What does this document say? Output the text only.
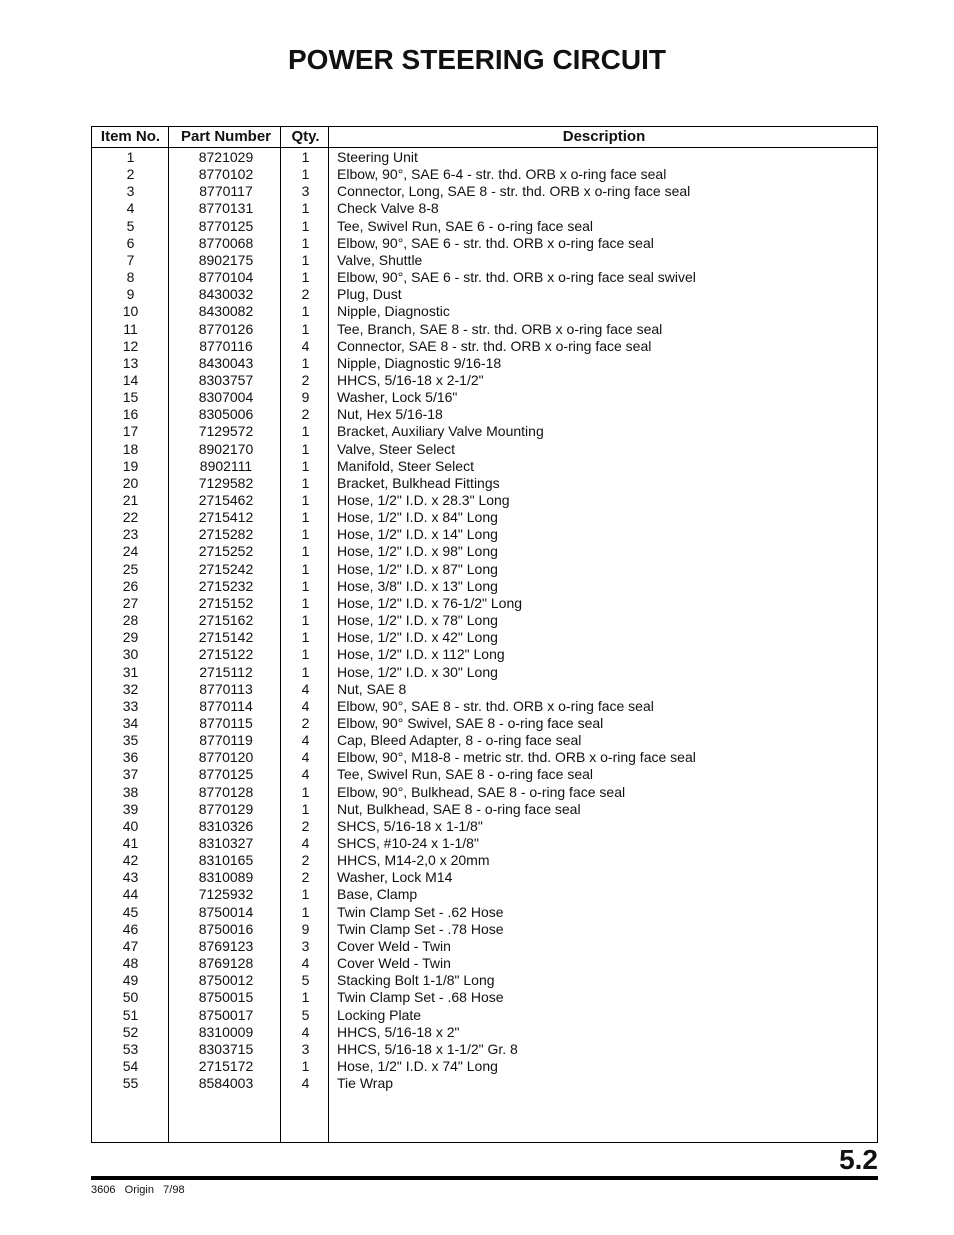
POWER STEERING CIRCUIT
Item No.	Part Number	Qty.	Description
1	8721029	1	Steering Unit
2	8770102	1	Elbow, 90°, SAE 6-4 - str. thd. ORB x o-ring face seal
3	8770117	3	Connector, Long, SAE 8 - str. thd. ORB x o-ring face seal
4	8770131	1	Check Valve 8-8
5	8770125	1	Tee, Swivel Run, SAE 6 - o-ring face seal
6	8770068	1	Elbow, 90°, SAE 6 - str. thd. ORB x o-ring face seal
7	8902175	1	Valve, Shuttle
8	8770104	1	Elbow, 90°, SAE 6 - str. thd. ORB x o-ring face seal swivel
9	8430032	2	Plug, Dust
10	8430082	1	Nipple, Diagnostic
11	8770126	1	Tee, Branch, SAE 8 - str. thd. ORB x o-ring face seal
12	8770116	4	Connector, SAE 8 - str. thd. ORB x o-ring face seal
13	8430043	1	Nipple, Diagnostic 9/16-18
14	8303757	2	HHCS, 5/16-18 x 2-1/2"
15	8307004	9	Washer, Lock 5/16"
16	8305006	2	Nut, Hex 5/16-18
17	7129572	1	Bracket, Auxiliary Valve Mounting
18	8902170	1	Valve, Steer Select
19	8902111	1	Manifold, Steer Select
20	7129582	1	Bracket, Bulkhead Fittings
21	2715462	1	Hose, 1/2" I.D. x 28.3" Long
22	2715412	1	Hose, 1/2" I.D. x 84" Long
23	2715282	1	Hose, 1/2" I.D. x 14" Long
24	2715252	1	Hose, 1/2" I.D. x 98" Long
25	2715242	1	Hose, 1/2" I.D. x 87" Long
26	2715232	1	Hose, 3/8" I.D. x 13" Long
27	2715152	1	Hose, 1/2" I.D. x 76-1/2" Long
28	2715162	1	Hose, 1/2" I.D. x 78" Long
29	2715142	1	Hose, 1/2" I.D. x 42" Long
30	2715122	1	Hose, 1/2" I.D. x 112" Long
31	2715112	1	Hose, 1/2" I.D. x 30" Long
32	8770113	4	Nut, SAE 8
33	8770114	4	Elbow, 90°, SAE 8 - str. thd. ORB x o-ring face seal
34	8770115	2	Elbow, 90° Swivel, SAE 8 - o-ring face seal
35	8770119	4	Cap, Bleed Adapter, 8 - o-ring face seal
36	8770120	4	Elbow, 90°, M18-8 - metric str. thd. ORB x o-ring face seal
37	8770125	4	Tee, Swivel Run, SAE 8 - o-ring face seal
38	8770128	1	Elbow, 90°, Bulkhead, SAE 8 - o-ring face seal
39	8770129	1	Nut, Bulkhead, SAE 8 - o-ring face seal
40	8310326	2	SHCS, 5/16-18 x 1-1/8"
41	8310327	4	SHCS, #10-24 x 1-1/8"
42	8310165	2	HHCS, M14-2,0 x 20mm
43	8310089	2	Washer, Lock M14
44	7125932	1	Base, Clamp
45	8750014	1	Twin Clamp Set - .62 Hose
46	8750016	9	Twin Clamp Set - .78 Hose
47	8769123	3	Cover Weld - Twin
48	8769128	4	Cover Weld - Twin
49	8750012	5	Stacking Bolt 1-1/8" Long
50	8750015	1	Twin Clamp Set - .68 Hose
51	8750017	5	Locking Plate
52	8310009	4	HHCS, 5/16-18 x 2"
53	8303715	3	HHCS, 5/16-18 x 1-1/2" Gr. 8
54	2715172	1	Hose, 1/2" I.D. x 74" Long
55	8584003	4	Tie Wrap
5.2
3606   Origin   7/98
